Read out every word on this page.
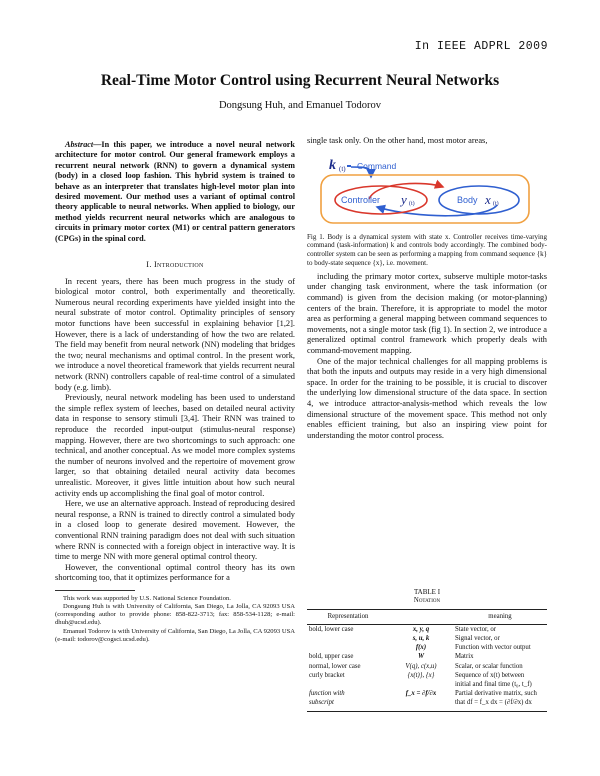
In IEEE ADPRL 2009
Real-Time Motor Control using Recurrent Neural Networks
Dongsung Huh, and Emanuel Todorov

Abstract—In this paper, we introduce a novel neural network architecture for motor control. Our general framework employs a recurrent neural network (RNN) to govern a dynamical system (body) in a closed loop fashion. This hybrid system is trained to behave as an interpreter that translates high-level motor plan into desired movement. Our method uses a variant of optimal control theory applicable to neural networks. When applied to biology, our method yields recurrent neural networks which are analogous to circuits in primary motor cortex (M1) or central pattern generators (CPGs) in the spinal cord.

I. Introduction

In recent years, there has been much progress in the study of biological motor control, both experimentally and theoretically. Numerous neural recording experiments have yielded insight into the neural substrate of motor control. Optimality principles of sensory motor functions have been successful in explaining behavior [1,2]. However, there is a lack of understanding of how the two are related. The field may benefit from neural network (NN) modeling that bridges the two; neural mechanisms and optimal control. In the present work, we introduce a novel theoretical framework that yields recurrent neural network (RNN) controllers capable of real-time control of a simulated body (e.g. limb).

Previously, neural network modeling has been used to understand the simple reflex system of leeches, based on detailed neural activity data in response to sensory stimuli [3,4]. Their RNN was trained to reproduce the recorded input-output (stimulus-neural response) mapping. However, there are two shortcomings to such approach: one technical, and another conceptual. As we model more complex systems the number of neurons involved and the repertoire of movement grow larger, so that obtaining detailed neural activity data becomes unrealistic. Moreover, it gives little intuition about how such neural activity ends up accomplishing the final goal of motor control.

Here, we use an alternative approach. Instead of reproducing desired neural response, a RNN is trained to directly control a simulated body in a closed loop to generate desired movement. However, the conventional RNN training paradigm does not deal with such situation where RNN is connected with a foreign object in interactive way. It is time to merge NN with more general optimal control theory.

However, the conventional optimal control theory has its own shortcoming too, that it optimizes performance for a

This work was supported by U.S. National Science Foundation.

Dongsung Huh is with University of California, San Diego, La Jolla, CA 92093 USA (corresponding author to provide phone: 858-822-3713; fax: 858-534-1128; e-mail: dhuh@ucsd.edu).

Emanuel Todorov is with University of California, San Diego, La Jolla, CA 92093 USA (e-mail: todorov@cogsci.ucsd.edu).

single task only. On the other hand, most motor areas,

k (t) Command
Controller y (t)	Body x (t)

Fig 1. Body is a dynamical system with state x. Controller receives time-varying command (task-information) k and controls body accordingly. The combined body-controller system can be seen as performing a mapping from command sequence {k} to body-state sequence {x}, i.e. movement.

including the primary motor cortex, subserve multiple motor-tasks under changing task environment, where the task information (or command) is given from the decision making (or motor-planning) centers of the brain. Therefore, it is appropriate to model the motor area as performing a general mapping between command sequences to movements, not a single motor task (fig 1). In section 2, we introduce a generalized optimal control framework which properly deals with command-movement mapping.

One of the major technical challenges for all mapping problems is that both the inputs and outputs may reside in a very high dimensional space. In order for the training to be possible, it is crucial to discover the underlying low dimensional structure of the data space. In section 4, we introduce attractor-analysis-method which reveals the low dimensional structure of the movement space. This method not only enables efficient training, but also an inspiring view point for understanding the motor control process.

TABLE I
Notation
Representation		meaning
bold, lower case	x, y, q	State vector, or
	s, u, k	Signal vector, or
	f(x)	Function with vector output
bold, upper case	W	Matrix
normal, lower case	V(q), c(x,u)	Scalar, or scalar function
curly bracket	{x(t)}, {x}	Sequence of x(t) between
		initial and final time (t₀, t_f)
function with	f_x = ∂f/∂x	Partial derivative matrix, such
subscript		that df = f_x dx = (∂f/∂x) dx
